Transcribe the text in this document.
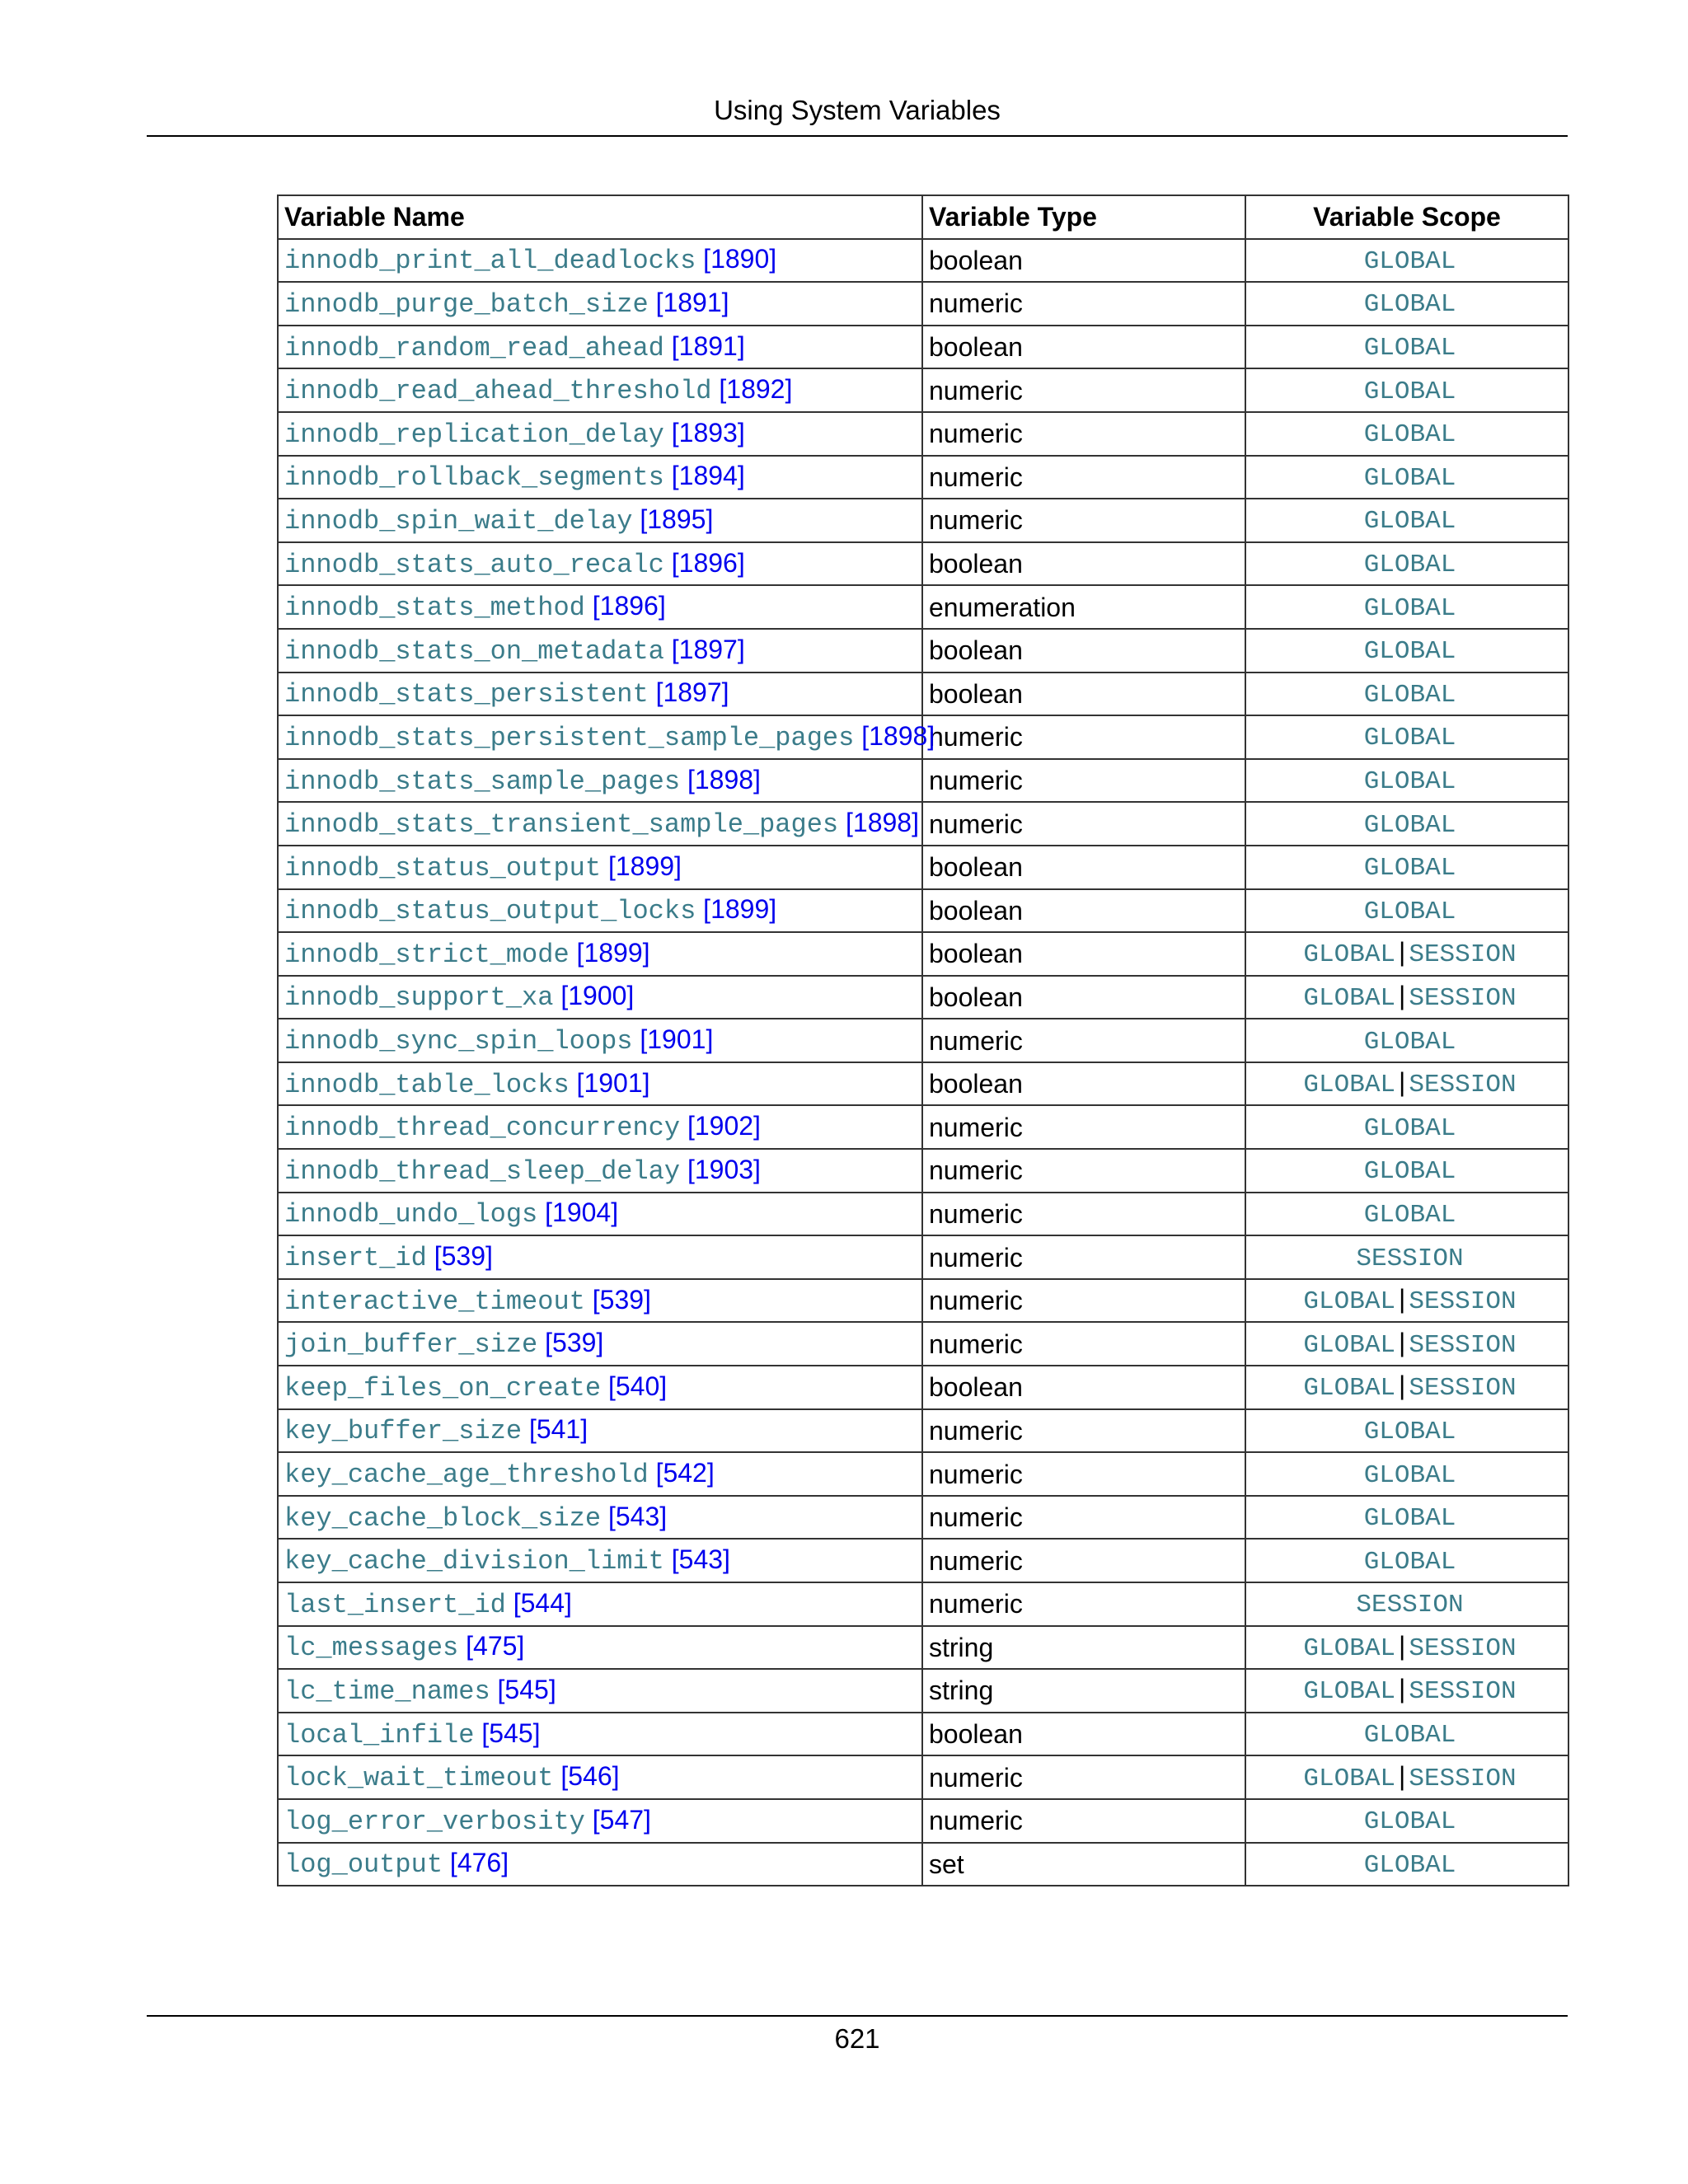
Using System Variables
Variable Name	Variable Type	Variable Scope
innodb_print_all_deadlocks [1890]	boolean	GLOBAL
innodb_purge_batch_size [1891]	numeric	GLOBAL
innodb_random_read_ahead [1891]	boolean	GLOBAL
innodb_read_ahead_threshold [1892]	numeric	GLOBAL
innodb_replication_delay [1893]	numeric	GLOBAL
innodb_rollback_segments [1894]	numeric	GLOBAL
innodb_spin_wait_delay [1895]	numeric	GLOBAL
innodb_stats_auto_recalc [1896]	boolean	GLOBAL
innodb_stats_method [1896]	enumeration	GLOBAL
innodb_stats_on_metadata [1897]	boolean	GLOBAL
innodb_stats_persistent [1897]	boolean	GLOBAL
innodb_stats_persistent_sample_pages [1898]	numeric	GLOBAL
innodb_stats_sample_pages [1898]	numeric	GLOBAL
innodb_stats_transient_sample_pages [1898]	numeric	GLOBAL
innodb_status_output [1899]	boolean	GLOBAL
innodb_status_output_locks [1899]	boolean	GLOBAL
innodb_strict_mode [1899]	boolean	GLOBAL | SESSION
innodb_support_xa [1900]	boolean	GLOBAL | SESSION
innodb_sync_spin_loops [1901]	numeric	GLOBAL
innodb_table_locks [1901]	boolean	GLOBAL | SESSION
innodb_thread_concurrency [1902]	numeric	GLOBAL
innodb_thread_sleep_delay [1903]	numeric	GLOBAL
innodb_undo_logs [1904]	numeric	GLOBAL
insert_id [539]	numeric	SESSION
interactive_timeout [539]	numeric	GLOBAL | SESSION
join_buffer_size [539]	numeric	GLOBAL | SESSION
keep_files_on_create [540]	boolean	GLOBAL | SESSION
key_buffer_size [541]	numeric	GLOBAL
key_cache_age_threshold [542]	numeric	GLOBAL
key_cache_block_size [543]	numeric	GLOBAL
key_cache_division_limit [543]	numeric	GLOBAL
last_insert_id [544]	numeric	SESSION
lc_messages [475]	string	GLOBAL | SESSION
lc_time_names [545]	string	GLOBAL | SESSION
local_infile [545]	boolean	GLOBAL
lock_wait_timeout [546]	numeric	GLOBAL | SESSION
log_error_verbosity [547]	numeric	GLOBAL
log_output [476]	set	GLOBAL
621
